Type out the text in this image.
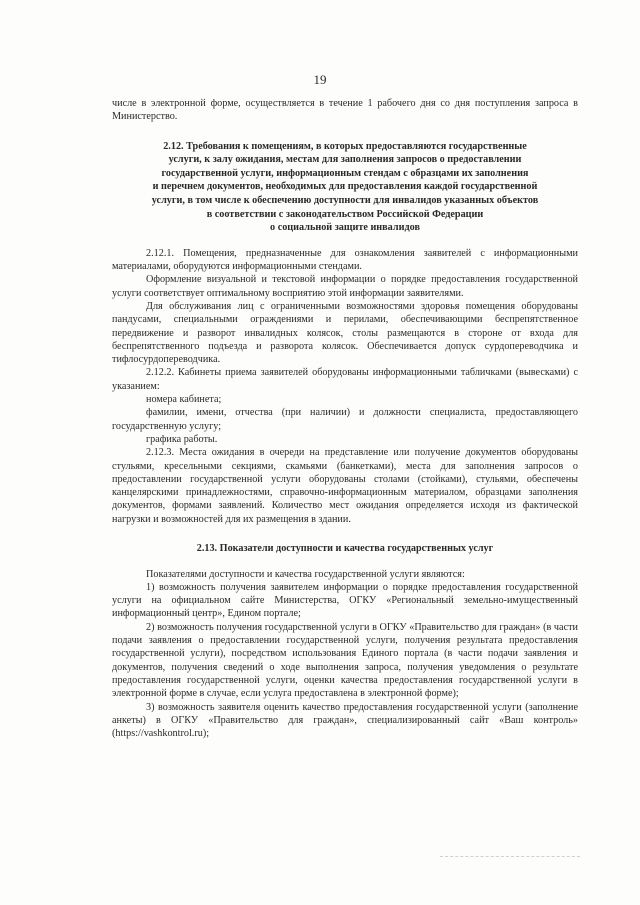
19

числе в электронной форме, осуществляется в течение 1 рабочего дня со дня поступления запроса в Министерство.

2.12. Требования к помещениям, в которых предоставляются государственные
услуги, к залу ожидания, местам для заполнения запросов о предоставлении
государственной услуги, информационным стендам с образцами их заполнения
и перечнем документов, необходимых для предоставления каждой государственной
услуги, в том числе к обеспечению доступности для инвалидов указанных объектов
в соответствии с законодательством Российской Федерации
о социальной защите инвалидов

2.12.1. Помещения, предназначенные для ознакомления заявителей с информационными материалами, оборудуются информационными стендами.

Оформление визуальной и текстовой информации о порядке предоставления государственной услуги соответствует оптимальному восприятию этой информации заявителями.

Для обслуживания лиц с ограниченными возможностями здоровья помещения оборудованы пандусами, специальными ограждениями и перилами, обеспечивающими беспрепятственное передвижение и разворот инвалидных колясок, столы размещаются в стороне от входа для беспрепятственного подъезда и разворота колясок. Обеспечивается допуск сурдопереводчика и тифлосурдопереводчика.

2.12.2. Кабинеты приема заявителей оборудованы информационными табличками (вывесками) с указанием:

номера кабинета;

фамилии, имени, отчества (при наличии) и должности специалиста, предоставляющего государственную услугу;

графика работы.

2.12.3. Места ожидания в очереди на представление или получение документов оборудованы стульями, кресельными секциями, скамьями (банкетками), места для заполнения запросов о предоставлении государственной услуги оборудованы столами (стойками), стульями, обеспечены канцелярскими принадлежностями, справочно-информационным материалом, образцами заполнения документов, формами заявлений. Количество мест ожидания определяется исходя из фактической нагрузки и возможностей для их размещения в здании.

2.13. Показатели доступности и качества государственных услуг

Показателями доступности и качества государственной услуги являются:

1) возможность получения заявителем информации о порядке предоставления государственной услуги на официальном сайте Министерства, ОГКУ «Региональный земельно-имущественный информационный центр», Едином портале;

2) возможность получения государственной услуги в ОГКУ «Правительство для граждан» (в части подачи заявления о предоставлении государственной услуги, получения результата предоставления государственной услуги), посредством использования Единого портала (в части подачи заявления и документов, получения сведений о ходе выполнения запроса, получения уведомления о результате предоставления государственной услуги, оценки качества предоставления государственной услуги в электронной форме в случае, если услуга предоставлена в электронной форме);

3) возможность заявителя оценить качество предоставления государственной услуги (заполнение анкеты) в ОГКУ «Правительство для граждан», специализированный сайт «Ваш контроль» (https://vashkontrol.ru);
